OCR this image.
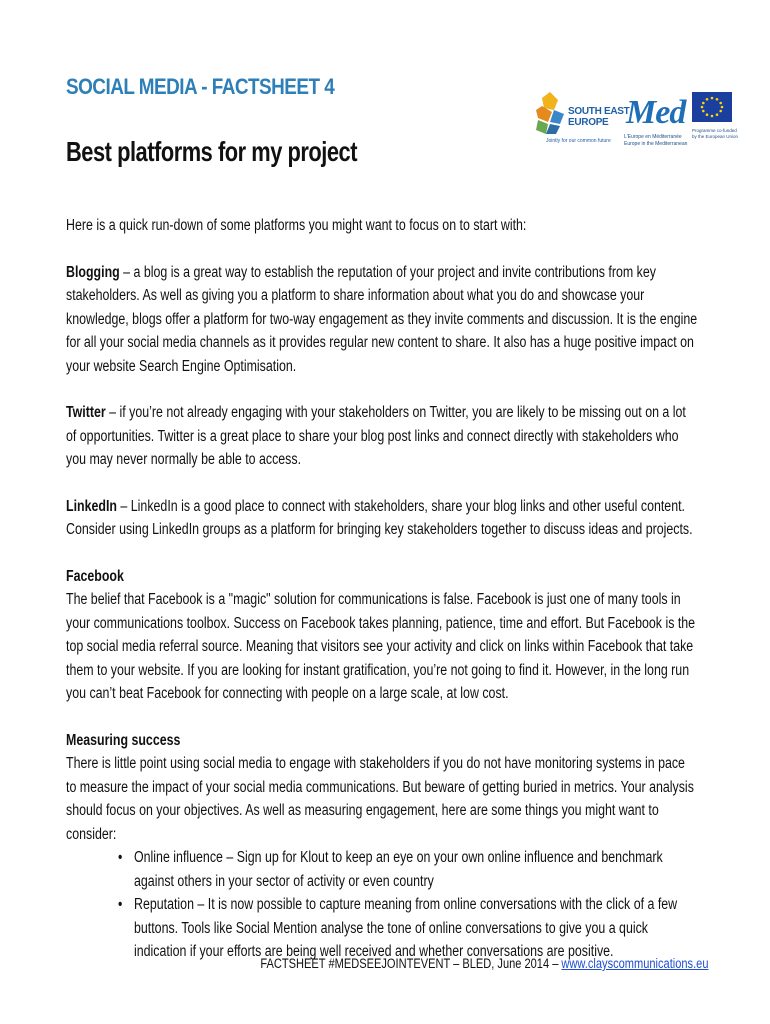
SOCIAL MEDIA - FACTSHEET 4
Best platforms for my project
SOUTH EAST
EUROPE
Jointly for our common future
Med
L'Europe en Méditerranée
Europe in the Mediterranean
Programme co-funded
by the European Union

Here is a quick run-down of some platforms you might want to focus on to start with:

Blogging – a blog is a great way to establish the reputation of your project and invite contributions from key stakeholders. As well as giving you a platform to share information about what you do and showcase your knowledge, blogs offer a platform for two-way engagement as they invite comments and discussion. It is the engine for all your social media channels as it provides regular new content to share. It also has a huge positive impact on your website Search Engine Optimisation.

Twitter – if you’re not already engaging with your stakeholders on Twitter, you are likely to be missing out on a lot of opportunities. Twitter is a great place to share your blog post links and connect directly with stakeholders who you may never normally be able to access.

LinkedIn – LinkedIn is a good place to connect with stakeholders, share your blog links and other useful content. Consider using LinkedIn groups as a platform for bringing key stakeholders together to discuss ideas and projects.

Facebook

The belief that Facebook is a "magic" solution for communications is false. Facebook is just one of many tools in your communications toolbox. Success on Facebook takes planning, patience, time and effort. But Facebook is the top social media referral source. Meaning that visitors see your activity and click on links within Facebook that take them to your website. If you are looking for instant gratification, you’re not going to find it. However, in the long run you can’t beat Facebook for connecting with people on a large scale, at low cost.

Measuring success

There is little point using social media to engage with stakeholders if you do not have monitoring systems in pace to measure the impact of your social media communications. But beware of getting buried in metrics. Your analysis should focus on your objectives. As well as measuring engagement, here are some things you might want to consider:

• Online influence – Sign up for Klout to keep an eye on your own online influence and benchmark against others in your sector of activity or even country
• Reputation – It is now possible to capture meaning from online conversations with the click of a few buttons. Tools like Social Mention analyse the tone of online conversations to give you a quick indication if your efforts are being well received and whether conversations are positive.
FACTSHEET #MEDSEEJOINTEVENT – BLED, June 2014 – www.clayscommunications.eu
